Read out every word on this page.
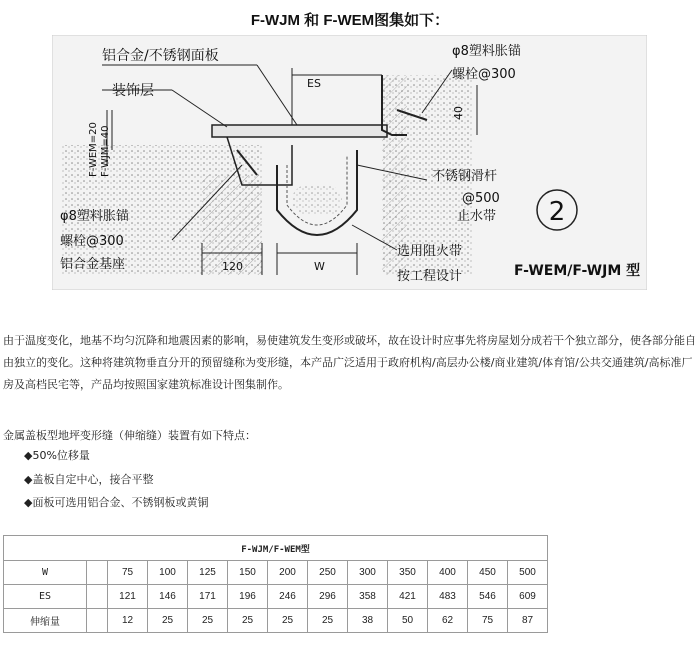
F-WJM 和 F-WEM图集如下：
铝合金/不锈钢面板
ES
φ8塑料胀锚
螺栓@300
40
装饰层
F-WEM=20 F-WJM=40	不锈钢滑杆
@500
止水带 2
φ8塑料胀锚
螺栓@300
铝合金基座
选用阻火带
按工程设计
120	W	F-WEM/F-WJM 型

由于温度变化，地基不均匀沉降和地震因素的影响，易使建筑发生变形或破坏，故在设计时应事先将房屋划分成若干个独立部分，使各部分能自由独立的变化。这种将建筑物垂直分开的预留缝称为变形缝，本产品广泛适用于政府机构/高层办公楼/商业建筑/体育馆/公共交通建筑/高标准厂房及高档民宅等，产品均按照国家建筑标准设计图集制作。

金属盖板型地坪变形缝（伸缩缝）装置有如下特点：

◆50%位移量
◆盖板自定中心，接合平整
◆面板可选用铝合金、不锈钢板或黄铜
F-WJM/F-WEM型												
W		75	100	125	150	200	250	300	350	400	450	500
ES		121	146	171	196	246	296	358	421	483	546	609
伸缩量		12	25	25	25	25	25	38	50	62	75	87
